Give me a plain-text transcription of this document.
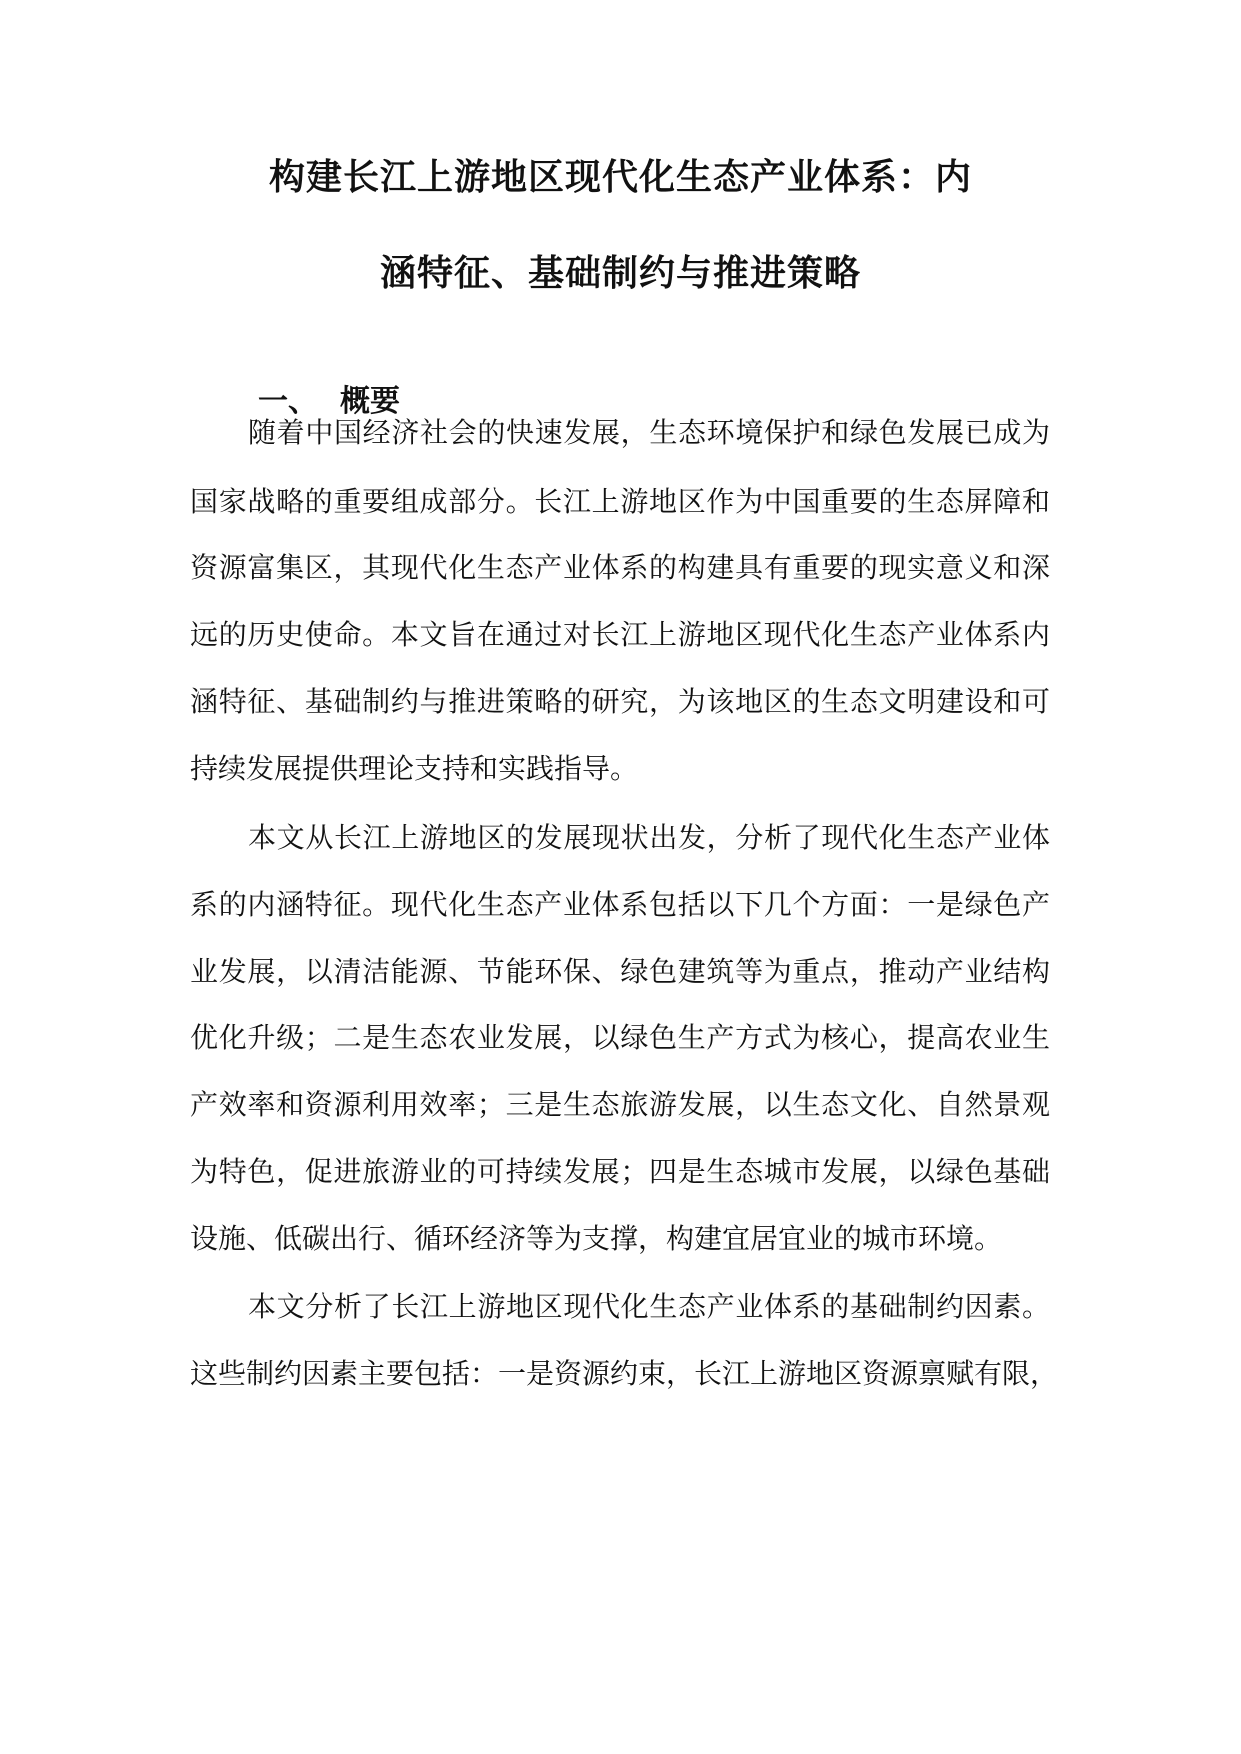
构建长江上游地区现代化生态产业体系：内
涵特征、基础制约与推进策略
一、 概要
随着中国经济社会的快速发展，生态环境保护和绿色发展已成为
国家战略的重要组成部分。长江上游地区作为中国重要的生态屏障和
资源富集区，其现代化生态产业体系的构建具有重要的现实意义和深
远的历史使命。本文旨在通过对长江上游地区现代化生态产业体系内
涵特征、基础制约与推进策略的研究，为该地区的生态文明建设和可
持续发展提供理论支持和实践指导。
本文从长江上游地区的发展现状出发，分析了现代化生态产业体
系的内涵特征。现代化生态产业体系包括以下几个方面：一是绿色产
业发展，以清洁能源、节能环保、绿色建筑等为重点，推动产业结构
优化升级；二是生态农业发展，以绿色生产方式为核心，提高农业生
产效率和资源利用效率；三是生态旅游发展，以生态文化、自然景观
为特色，促进旅游业的可持续发展；四是生态城市发展，以绿色基础
设施、低碳出行、循环经济等为支撑，构建宜居宜业的城市环境。
本文分析了长江上游地区现代化生态产业体系的基础制约因素。
这些制约因素主要包括：一是资源约束，长江上游地区资源禀赋有限，
